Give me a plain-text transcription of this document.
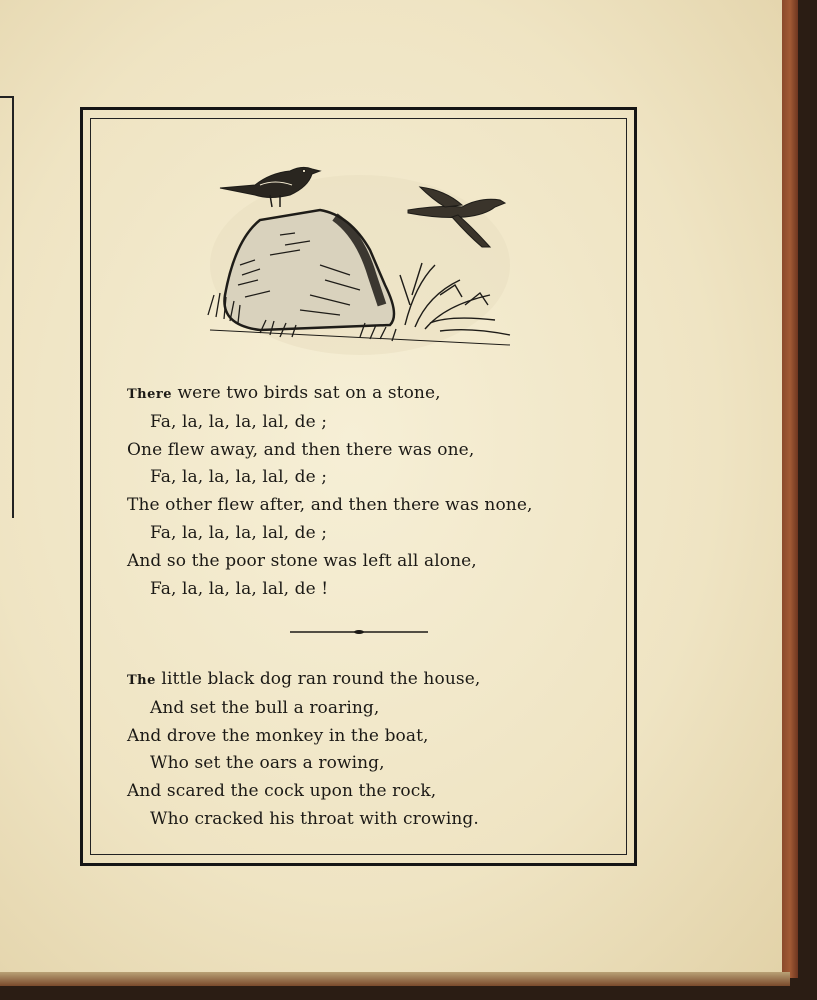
There were two birds sat on a stone,
Fa, la, la, la, lal, de ;
One flew away, and then there was one,
Fa, la, la, la, lal, de ;
The other flew after, and then there was none,
Fa, la, la, la, lal, de ;
And so the poor stone was left all alone,
Fa, la, la, la, lal, de !
The little black dog ran round the house,
And set the bull a roaring,
And drove the monkey in the boat,
Who set the oars a rowing,
And scared the cock upon the rock,
Who cracked his throat with crowing.
